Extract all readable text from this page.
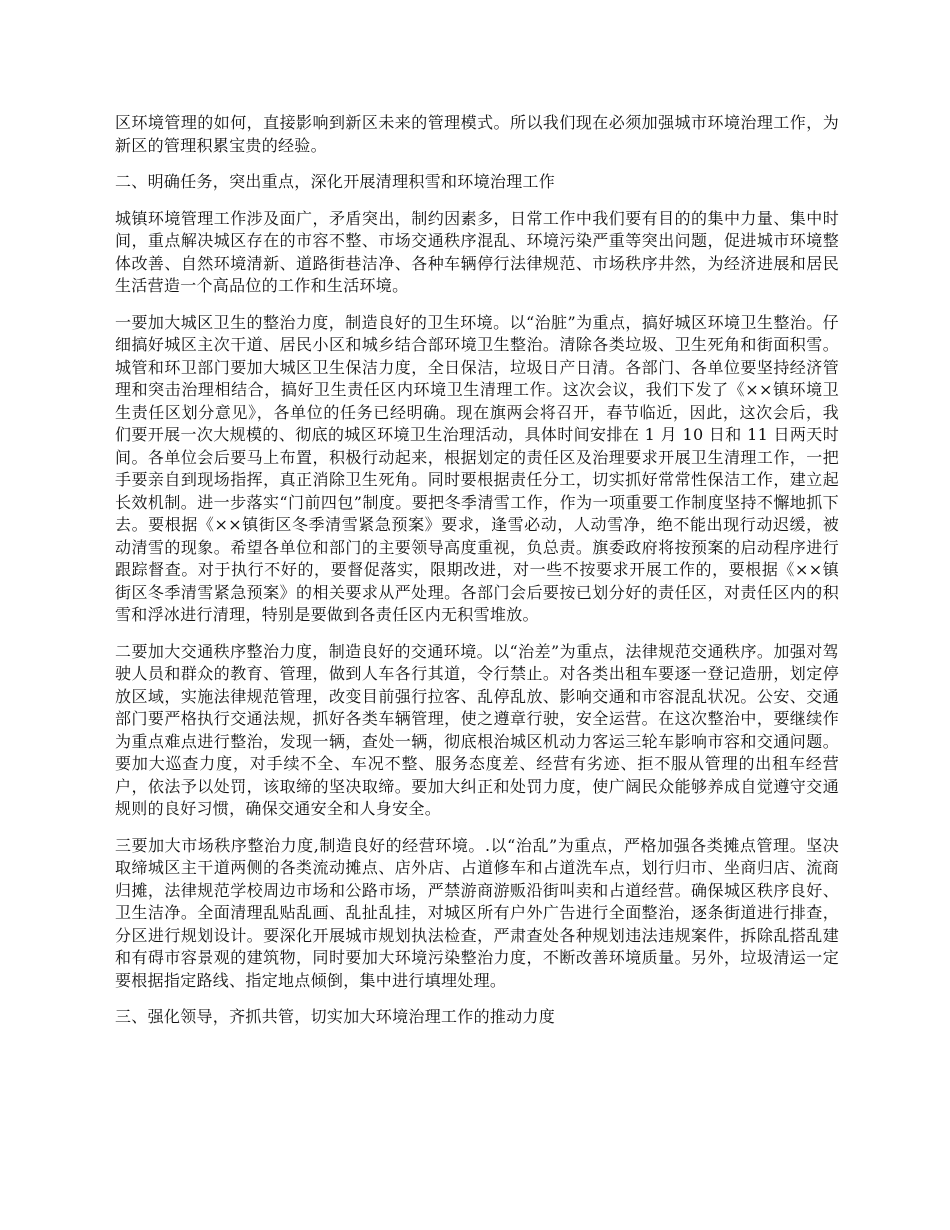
区环境管理的如何，直接影响到新区未来的管理模式。所以我们现在必须加强城市环境治理工作，为新区的管理积累宝贵的经验。

二、明确任务，突出重点，深化开展清理积雪和环境治理工作

城镇环境管理工作涉及面广，矛盾突出，制约因素多，日常工作中我们要有目的的集中力量、集中时间，重点解决城区存在的市容不整、市场交通秩序混乱、环境污染严重等突出问题，促进城市环境整体改善、自然环境清新、道路街巷洁净、各种车辆停行法律规范、市场秩序井然，为经济进展和居民生活营造一个高品位的工作和生活环境。

一要加大城区卫生的整治力度，制造良好的卫生环境。以“治脏”为重点，搞好城区环境卫生整治。仔细搞好城区主次干道、居民小区和城乡结合部环境卫生整治。清除各类垃圾、卫生死角和街面积雪。城管和环卫部门要加大城区卫生保洁力度，全日保洁，垃圾日产日清。各部门、各单位要坚持经济管理和突击治理相结合，搞好卫生责任区内环境卫生清理工作。这次会议，我们下发了《××镇环境卫生责任区划分意见》，各单位的任务已经明确。现在旗两会将召开，春节临近，因此，这次会后，我们要开展一次大规模的、彻底的城区环境卫生治理活动，具体时间安排在 1 月 10 日和 11 日两天时间。各单位会后要马上布置，积极行动起来，根据划定的责任区及治理要求开展卫生清理工作，一把手要亲自到现场指挥，真正消除卫生死角。同时要根据责任分工，切实抓好常常性保洁工作，建立起长效机制。进一步落实“门前四包”制度。要把冬季清雪工作，作为一项重要工作制度坚持不懈地抓下去。要根据《××镇街区冬季清雪紧急预案》要求，逢雪必动，人动雪净，绝不能出现行动迟缓，被动清雪的现象。希望各单位和部门的主要领导高度重视，负总责。旗委政府将按预案的启动程序进行跟踪督查。对于执行不好的，要督促落实，限期改进，对一些不按要求开展工作的，要根据《××镇街区冬季清雪紧急预案》的相关要求从严处理。各部门会后要按已划分好的责任区，对责任区内的积雪和浮冰进行清理，特别是要做到各责任区内无积雪堆放。

二要加大交通秩序整治力度，制造良好的交通环境。以“治差”为重点，法律规范交通秩序。加强对驾驶人员和群众的教育、管理，做到人车各行其道，令行禁止。对各类出租车要逐一登记造册，划定停放区域，实施法律规范管理，改变目前强行拉客、乱停乱放、影响交通和市容混乱状况。公安、交通部门要严格执行交通法规，抓好各类车辆管理，使之遵章行驶，安全运营。在这次整治中，要继续作为重点难点进行整治，发现一辆，查处一辆，彻底根治城区机动力客运三轮车影响市容和交通问题。要加大巡查力度，对手续不全、车况不整、服务态度差、经营有劣迹、拒不服从管理的出租车经营户，依法予以处罚，该取缔的坚决取缔。要加大纠正和处罚力度，使广阔民众能够养成自觉遵守交通规则的良好习惯，确保交通安全和人身安全。

三要加大市场秩序整治力度,制造良好的经营环境。.以“治乱”为重点，严格加强各类摊点管理。坚决取缔城区主干道两侧的各类流动摊点、店外店、占道修车和占道洗车点，划行归市、坐商归店、流商归摊，法律规范学校周边市场和公路市场，严禁游商游贩沿街叫卖和占道经营。确保城区秩序良好、卫生洁净。全面清理乱贴乱画、乱扯乱挂，对城区所有户外广告进行全面整治，逐条街道进行排查，分区进行规划设计。要深化开展城市规划执法检查，严肃查处各种规划违法违规案件，拆除乱搭乱建和有碍市容景观的建筑物，同时要加大环境污染整治力度，不断改善环境质量。另外，垃圾清运一定要根据指定路线、指定地点倾倒，集中进行填埋处理。

三、强化领导，齐抓共管，切实加大环境治理工作的推动力度
